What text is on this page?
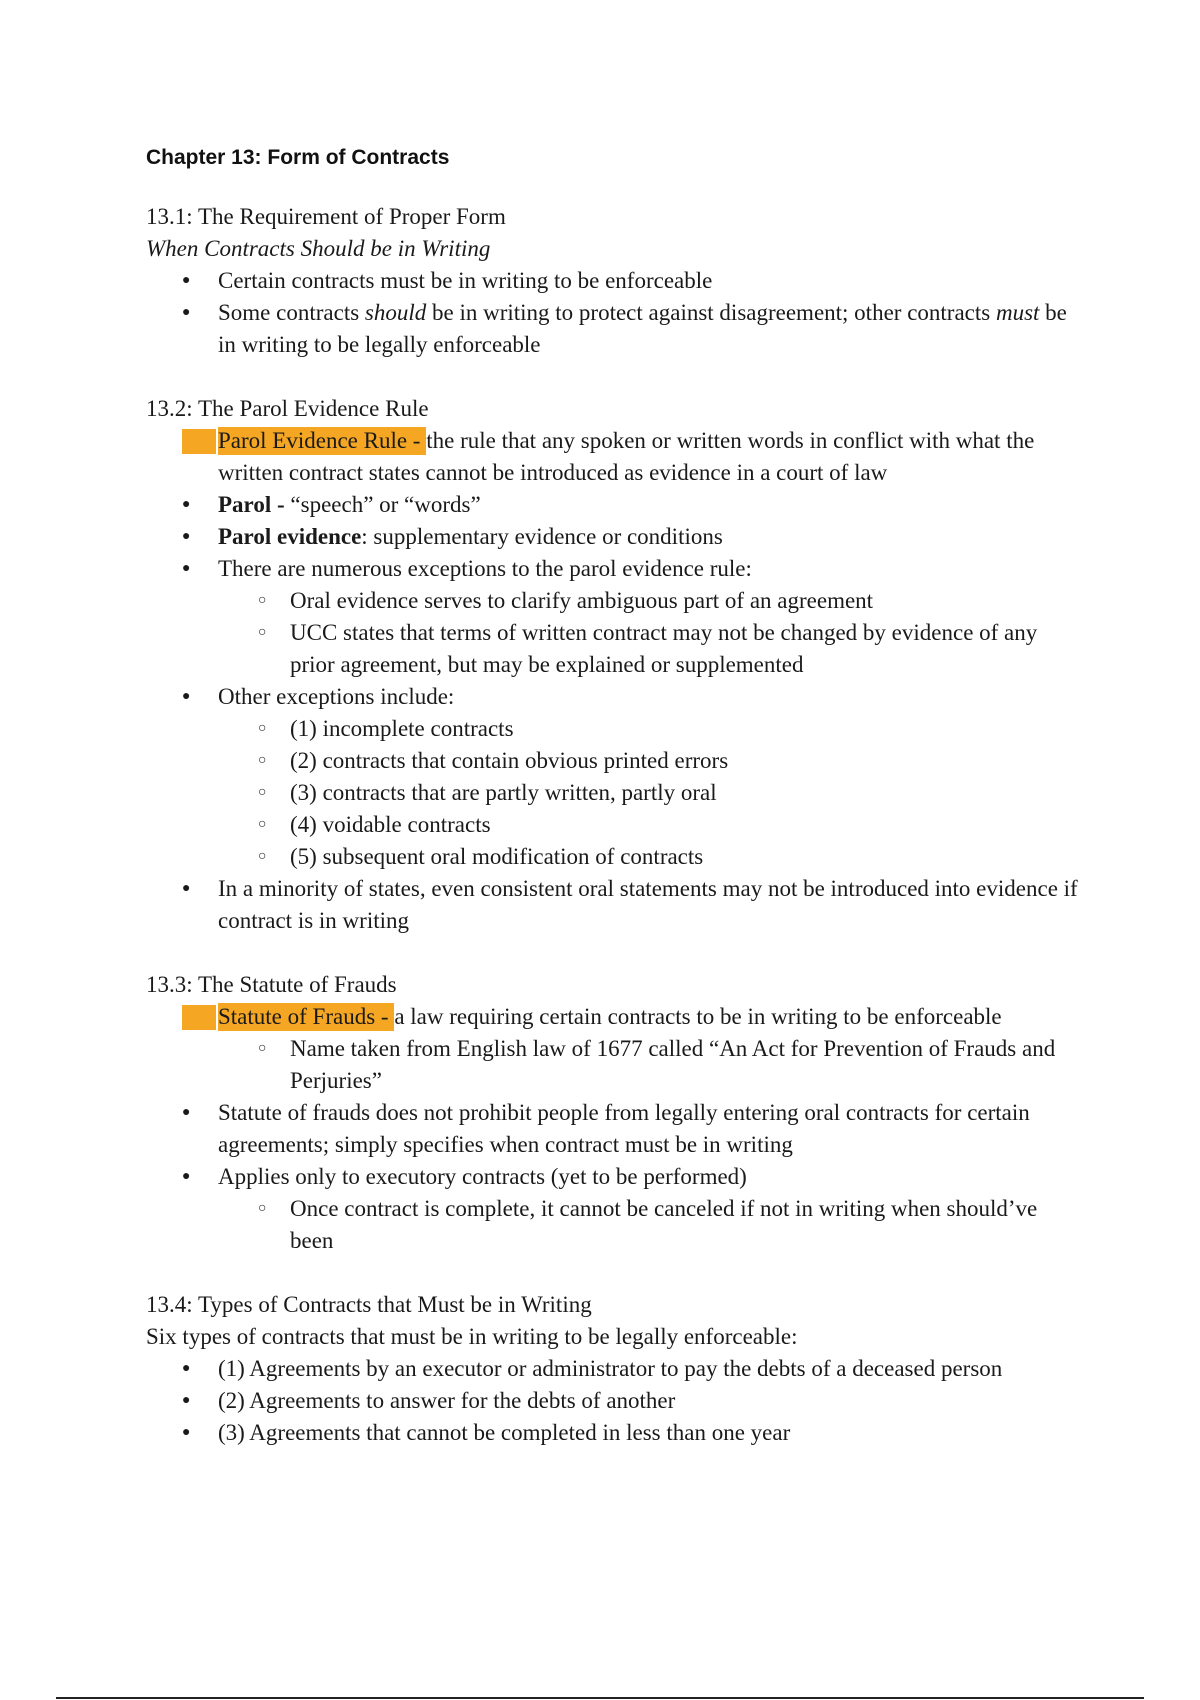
Chapter 13: Form of Contracts

13.1: The Requirement of Proper Form

When Contracts Should be in Writing

● Certain contracts must be in writing to be enforceable
● Some contracts should be in writing to protect against disagreement; other contracts must be in writing to be legally enforceable

13.2: The Parol Evidence Rule

● Parol Evidence Rule - the rule that any spoken or written words in conflict with what the written contract states cannot be introduced as evidence in a court of law
● Parol - “speech” or “words”
● Parol evidence: supplementary evidence or conditions
● There are numerous exceptions to the parol evidence rule:
○ Oral evidence serves to clarify ambiguous part of an agreement
○ UCC states that terms of written contract may not be changed by evidence of any prior agreement, but may be explained or supplemented
● Other exceptions include:
○ (1) incomplete contracts
○ (2) contracts that contain obvious printed errors
○ (3) contracts that are partly written, partly oral
○ (4) voidable contracts
○ (5) subsequent oral modification of contracts
● In a minority of states, even consistent oral statements may not be introduced into evidence if contract is in writing

13.3: The Statute of Frauds

● Statute of Frauds - a law requiring certain contracts to be in writing to be enforceable
○ Name taken from English law of 1677 called “An Act for Prevention of Frauds and Perjuries”
● Statute of frauds does not prohibit people from legally entering oral contracts for certain agreements; simply specifies when contract must be in writing
● Applies only to executory contracts (yet to be performed)
○ Once contract is complete, it cannot be canceled if not in writing when should’ve been

13.4: Types of Contracts that Must be in Writing

Six types of contracts that must be in writing to be legally enforceable:

● (1) Agreements by an executor or administrator to pay the debts of a deceased person
● (2) Agreements to answer for the debts of another
● (3) Agreements that cannot be completed in less than one year
